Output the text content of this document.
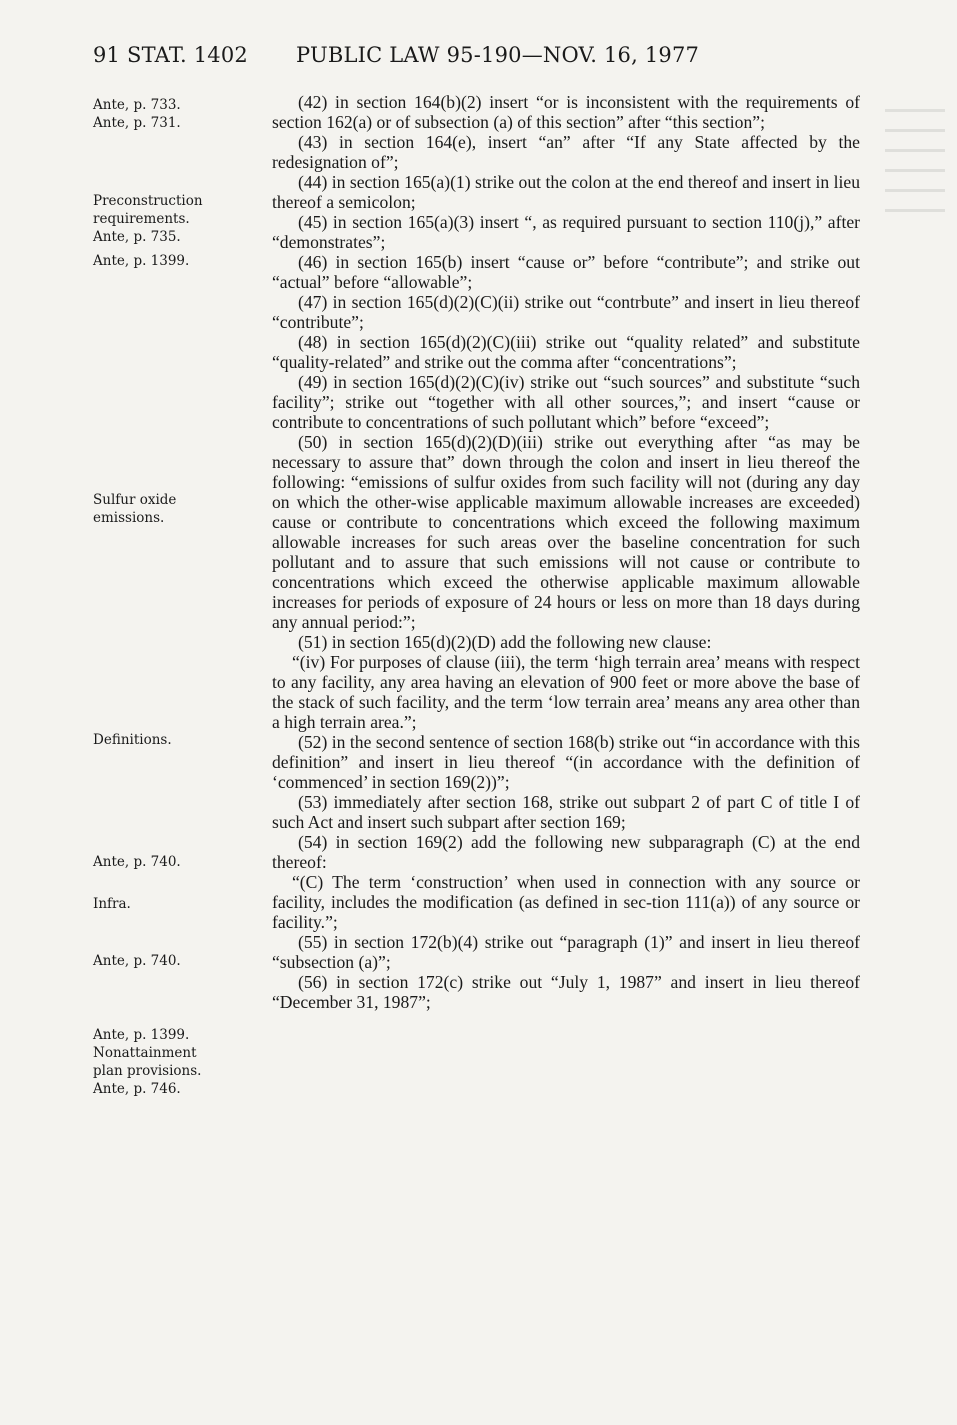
91 STAT. 1402 PUBLIC LAW 95-190—NOV. 16, 1977
Ante, p. 733.
Ante, p. 731.
Preconstruction
requirements.
Ante, p. 735.
Ante, p. 1399.
Sulfur oxide
emissions.
Definitions.
Ante, p. 740.
Infra.
Ante, p. 740.
Ante, p. 1399.
Nonattainment
plan provisions.
Ante, p. 746.

(42) in section 164(b)(2) insert “or is inconsistent with the requirements of section 162(a) or of subsection (a) of this section” after “this section”;

(43) in section 164(e), insert “an” after “If any State affected by the redesignation of”;

(44) in section 165(a)(1) strike out the colon at the end thereof and insert in lieu thereof a semicolon;

(45) in section 165(a)(3) insert “, as required pursuant to section 110(j),” after “demonstrates”;

(46) in section 165(b) insert “cause or” before “contribute”; and strike out “actual” before “allowable”;

(47) in section 165(d)(2)(C)(ii) strike out “contrbute” and insert in lieu thereof “contribute”;

(48) in section 165(d)(2)(C)(iii) strike out “quality related” and substitute “quality-related” and strike out the comma after “concentrations”;

(49) in section 165(d)(2)(C)(iv) strike out “such sources” and substitute “such facility”; strike out “together with all other sources,”; and insert “cause or contribute to concentrations of such pollutant which” before “exceed”;

(50) in section 165(d)(2)(D)(iii) strike out everything after “as may be necessary to assure that” down through the colon and insert in lieu thereof the following: “emissions of sulfur oxides from such facility will not (during any day on which the other-wise applicable maximum allowable increases are exceeded) cause or contribute to concentrations which exceed the following maximum allowable increases for such areas over the baseline concentration for such pollutant and to assure that such emissions will not cause or contribute to concentrations which exceed the otherwise applicable maximum allowable increases for periods of exposure of 24 hours or less on more than 18 days during any annual period:”;

(51) in section 165(d)(2)(D) add the following new clause:

“(iv) For purposes of clause (iii), the term ‘high terrain area’ means with respect to any facility, any area having an elevation of 900 feet or more above the base of the stack of such facility, and the term ‘low terrain area’ means any area other than a high terrain area.”;

(52) in the second sentence of section 168(b) strike out “in accordance with this definition” and insert in lieu thereof “(in accordance with the definition of ‘commenced’ in section 169(2))”;

(53) immediately after section 168, strike out subpart 2 of part C of title I of such Act and insert such subpart after section 169;

(54) in section 169(2) add the following new subparagraph (C) at the end thereof:

“(C) The term ‘construction’ when used in connection with any source or facility, includes the modification (as defined in sec-tion 111(a)) of any source or facility.”;

(55) in section 172(b)(4) strike out “paragraph (1)” and insert in lieu thereof “subsection (a)”;

(56) in section 172(c) strike out “July 1, 1987” and insert in lieu thereof “December 31, 1987”;
